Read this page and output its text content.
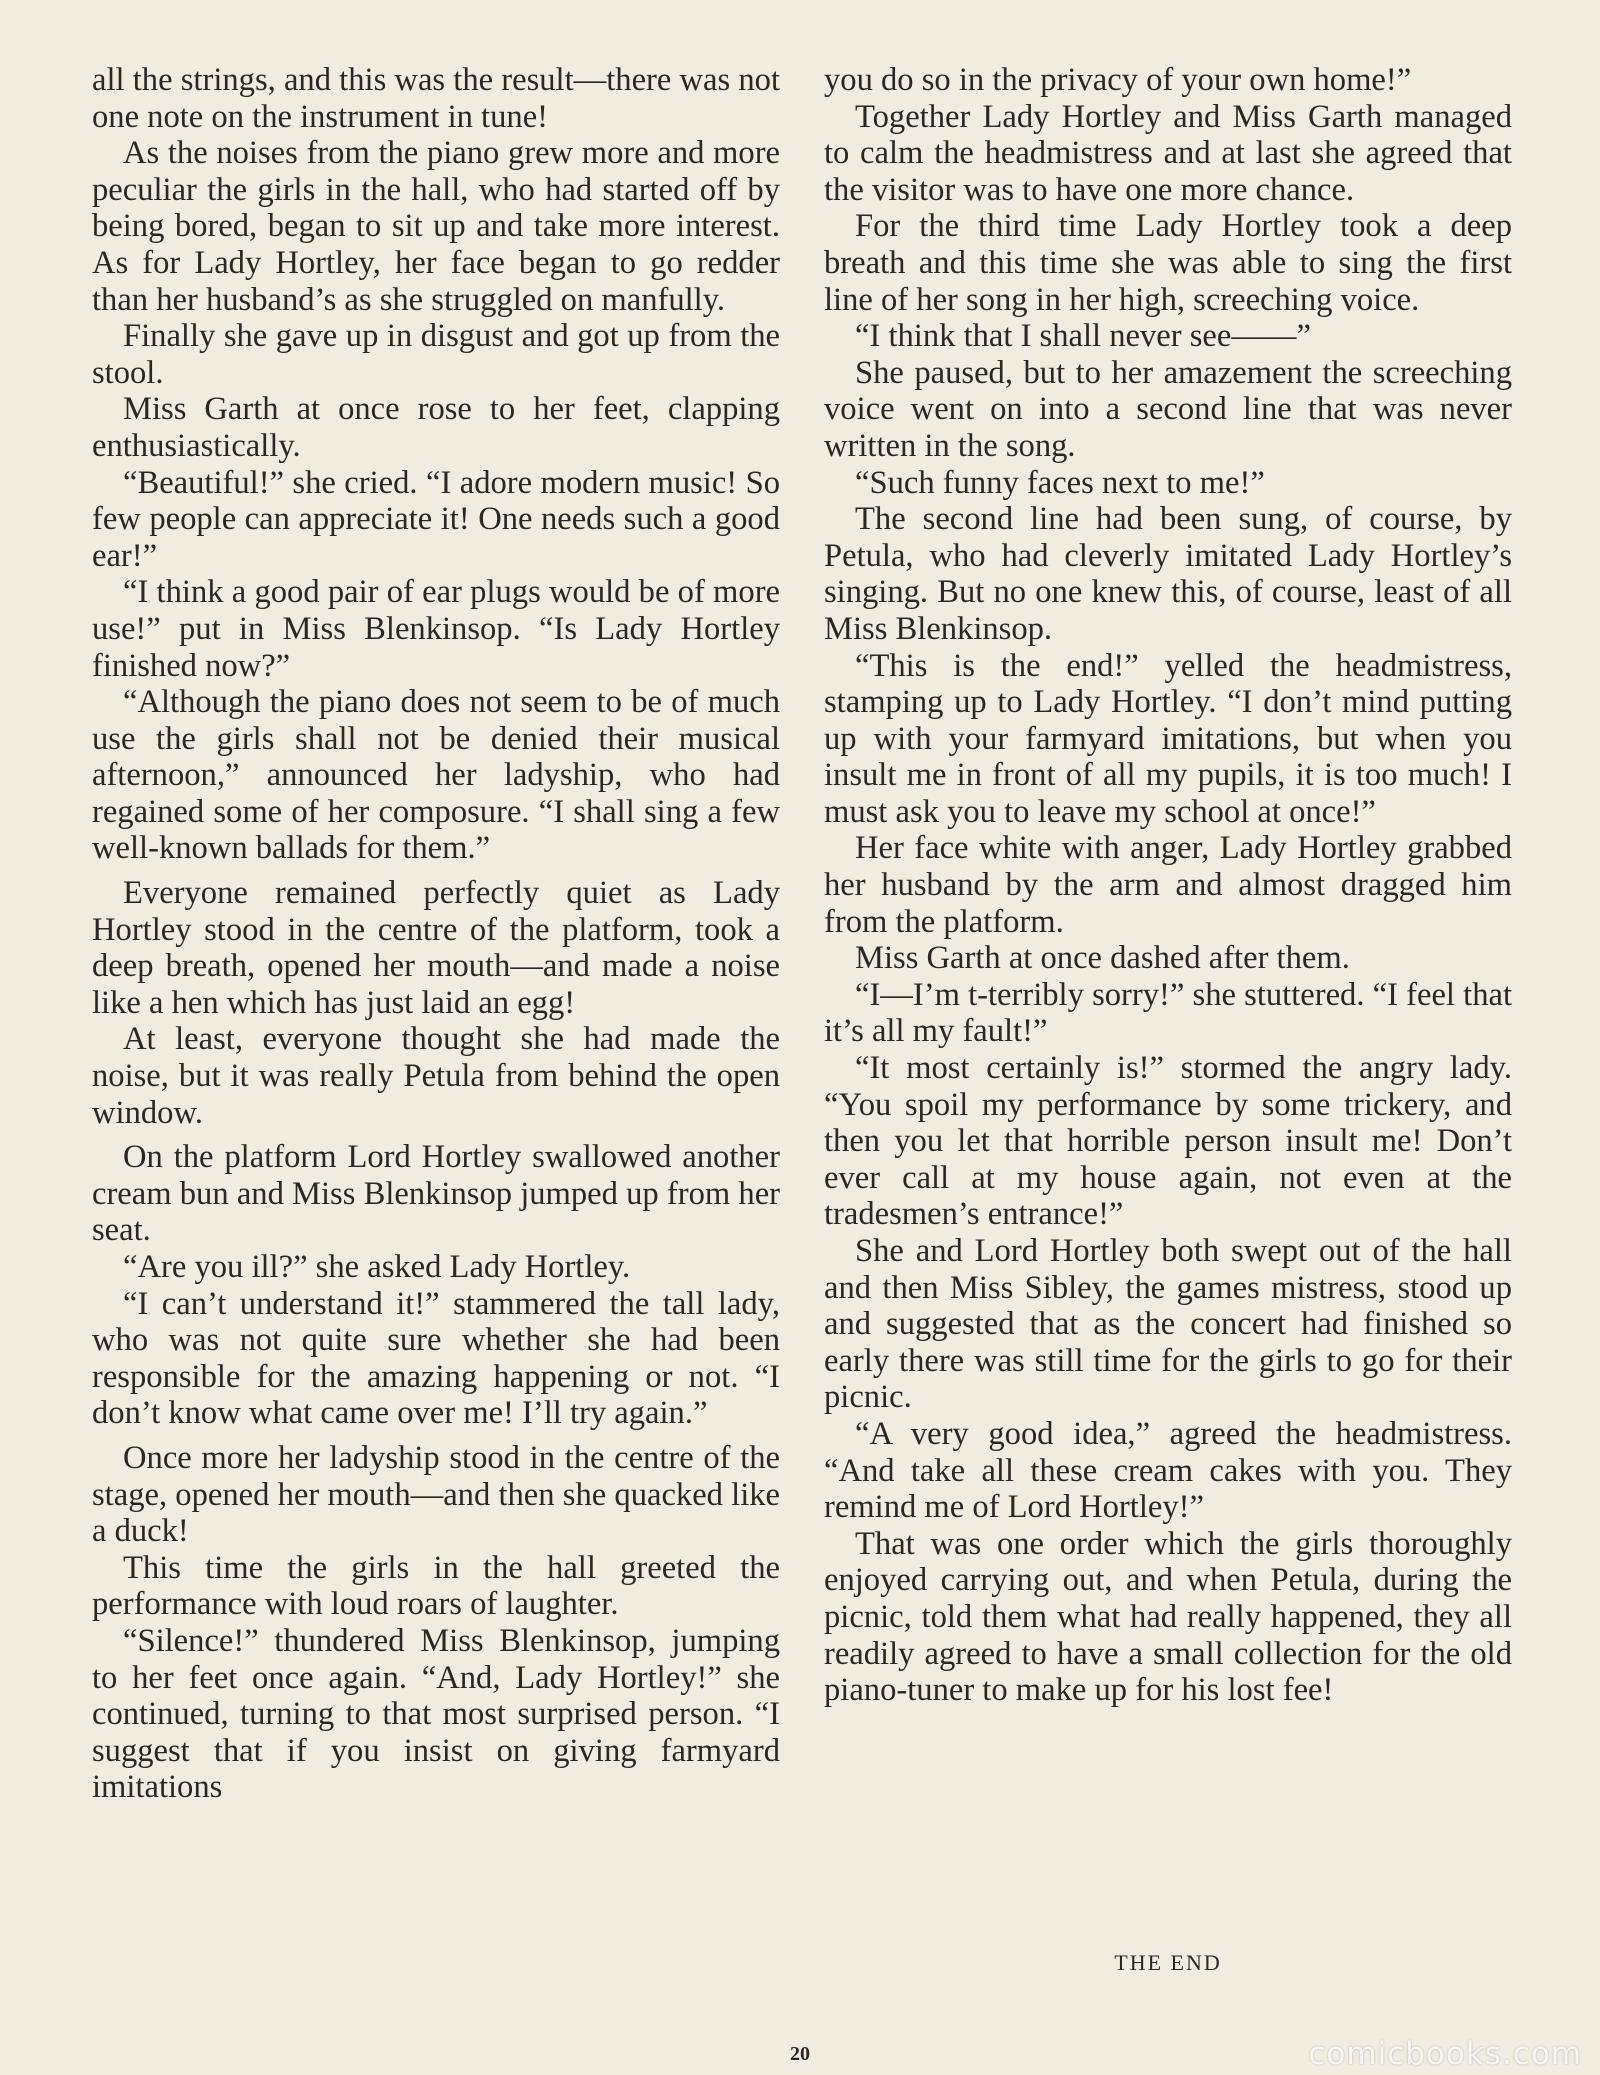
all the strings, and this was the result—there was not one note on the instrument in tune!

As the noises from the piano grew more and more peculiar the girls in the hall, who had started off by being bored, began to sit up and take more interest. As for Lady Hortley, her face began to go redder than her husband’s as she struggled on manfully.

Finally she gave up in disgust and got up from the stool.

Miss Garth at once rose to her feet, clapping enthusiastically.

“Beautiful!” she cried. “I adore modern music! So few people can appreciate it! One needs such a good ear!”

“I think a good pair of ear plugs would be of more use!” put in Miss Blenkinsop. “Is Lady Hortley finished now?”

“Although the piano does not seem to be of much use the girls shall not be denied their musical afternoon,” announced her ladyship, who had regained some of her composure. “I shall sing a few well-known ballads for them.”

Everyone remained perfectly quiet as Lady Hortley stood in the centre of the platform, took a deep breath, opened her mouth—and made a noise like a hen which has just laid an egg!

At least, everyone thought she had made the noise, but it was really Petula from behind the open window.

On the platform Lord Hortley swallowed another cream bun and Miss Blenkinsop jumped up from her seat.

“Are you ill?” she asked Lady Hortley.

“I can’t understand it!” stammered the tall lady, who was not quite sure whether she had been responsible for the amazing happening or not. “I don’t know what came over me! I’ll try again.”

Once more her ladyship stood in the centre of the stage, opened her mouth—and then she quacked like a duck!

This time the girls in the hall greeted the performance with loud roars of laughter.

“Silence!” thundered Miss Blenkinsop, jumping to her feet once again. “And, Lady Hortley!” she continued, turning to that most surprised person. “I suggest that if you insist on giving farmyard imitations

you do so in the privacy of your own home!”

Together Lady Hortley and Miss Garth managed to calm the headmistress and at last she agreed that the visitor was to have one more chance.

For the third time Lady Hortley took a deep breath and this time she was able to sing the first line of her song in her high, screeching voice.

“I think that I shall never see——”

She paused, but to her amazement the screeching voice went on into a second line that was never written in the song.

“Such funny faces next to me!”

The second line had been sung, of course, by Petula, who had cleverly imitated Lady Hortley’s singing. But no one knew this, of course, least of all Miss Blenkinsop.

“This is the end!” yelled the headmistress, stamping up to Lady Hortley. “I don’t mind putting up with your farmyard imitations, but when you insult me in front of all my pupils, it is too much! I must ask you to leave my school at once!”

Her face white with anger, Lady Hortley grabbed her husband by the arm and almost dragged him from the platform.

Miss Garth at once dashed after them.

“I—I’m t-terribly sorry!” she stuttered. “I feel that it’s all my fault!”

“It most certainly is!” stormed the angry lady. “You spoil my performance by some trickery, and then you let that horrible person insult me! Don’t ever call at my house again, not even at the tradesmen’s entrance!”

She and Lord Hortley both swept out of the hall and then Miss Sibley, the games mistress, stood up and suggested that as the concert had finished so early there was still time for the girls to go for their picnic.

“A very good idea,” agreed the headmistress. “And take all these cream cakes with you. They remind me of Lord Hortley!”

That was one order which the girls thoroughly enjoyed carrying out, and when Petula, during the picnic, told them what had really happened, they all readily agreed to have a small collection for the old piano-tuner to make up for his lost fee!

THE END
20	comicbooks.com
